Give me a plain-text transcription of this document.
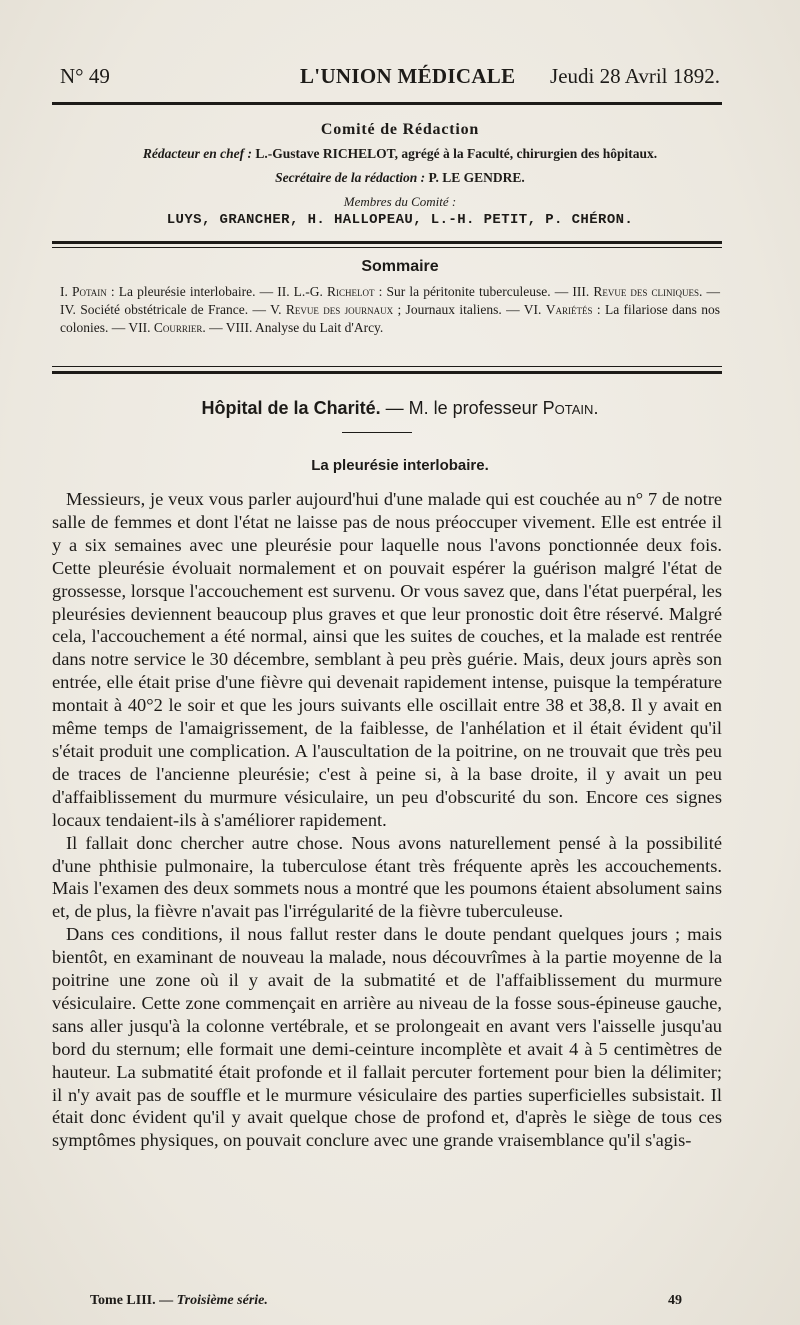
N° 49	L'UNION MÉDICALE Jeudi 28 Avril 1892.
Comité de Rédaction
Rédacteur en chef : L.-Gustave RICHELOT, agrégé à la Faculté, chirurgien des hôpitaux.
Secrétaire de la rédaction : P. LE GENDRE.
Membres du Comité :
LUYS, GRANCHER, H. HALLOPEAU, L.-H. PETIT, P. CHÉRON.
Sommaire
I. Potain : La pleurésie interlobaire. — II. L.-G. Richelot : Sur la péritonite tuberculeuse. — III. Revue des cliniques. — IV. Société obstétricale de France. — V. Revue des journaux ; Journaux italiens. — VI. Variétés : La filariose dans nos colonies. — VII. Courrier. — VIII. Analyse du Lait d'Arcy.
Hôpital de la Charité. — M. le professeur Potain.
La pleurésie interlobaire.

Messieurs, je veux vous parler aujourd'hui d'une malade qui est couchée au n° 7 de notre salle de femmes et dont l'état ne laisse pas de nous préoccuper vivement. Elle est entrée il y a six semaines avec une pleurésie pour laquelle nous l'avons ponctionnée deux fois. Cette pleurésie évoluait normalement et on pouvait espérer la guérison malgré l'état de grossesse, lorsque l'accouchement est survenu. Or vous savez que, dans l'état puerpéral, les pleurésies deviennent beaucoup plus graves et que leur pronostic doit être réservé. Malgré cela, l'accouchement a été normal, ainsi que les suites de couches, et la malade est rentrée dans notre service le 30 décembre, semblant à peu près guérie. Mais, deux jours après son entrée, elle était prise d'une fièvre qui devenait rapidement intense, puisque la température montait à 40°2 le soir et que les jours suivants elle oscillait entre 38 et 38,8. Il y avait en même temps de l'amaigrissement, de la faiblesse, de l'anhélation et il était évident qu'il s'était produit une complication. A l'auscultation de la poitrine, on ne trouvait que très peu de traces de l'ancienne pleurésie; c'est à peine si, à la base droite, il y avait un peu d'affaiblissement du murmure vésiculaire, un peu d'obscurité du son. Encore ces signes locaux tendaient-ils à s'améliorer rapidement.

Il fallait donc chercher autre chose. Nous avons naturellement pensé à la possibilité d'une phthisie pulmonaire, la tuberculose étant très fréquente après les accouchements. Mais l'examen des deux sommets nous a montré que les poumons étaient absolument sains et, de plus, la fièvre n'avait pas l'irrégularité de la fièvre tuberculeuse.

Dans ces conditions, il nous fallut rester dans le doute pendant quelques jours ; mais bientôt, en examinant de nouveau la malade, nous découvrîmes à la partie moyenne de la poitrine une zone où il y avait de la submatité et de l'affaiblissement du murmure vésiculaire. Cette zone commençait en arrière au niveau de la fosse sous-épineuse gauche, sans aller jusqu'à la colonne vertébrale, et se prolongeait en avant vers l'aisselle jusqu'au bord du sternum; elle formait une demi-ceinture incomplète et avait 4 à 5 centimètres de hauteur. La submatité était profonde et il fallait percuter fortement pour bien la délimiter; il n'y avait pas de souffle et le murmure vésiculaire des parties superficielles subsistait. Il était donc évident qu'il y avait quelque chose de profond et, d'après le siège de tous ces symptômes physiques, on pouvait conclure avec une grande vraisemblance qu'il s'agis-

Tome LIII. — Troisième série.	49
